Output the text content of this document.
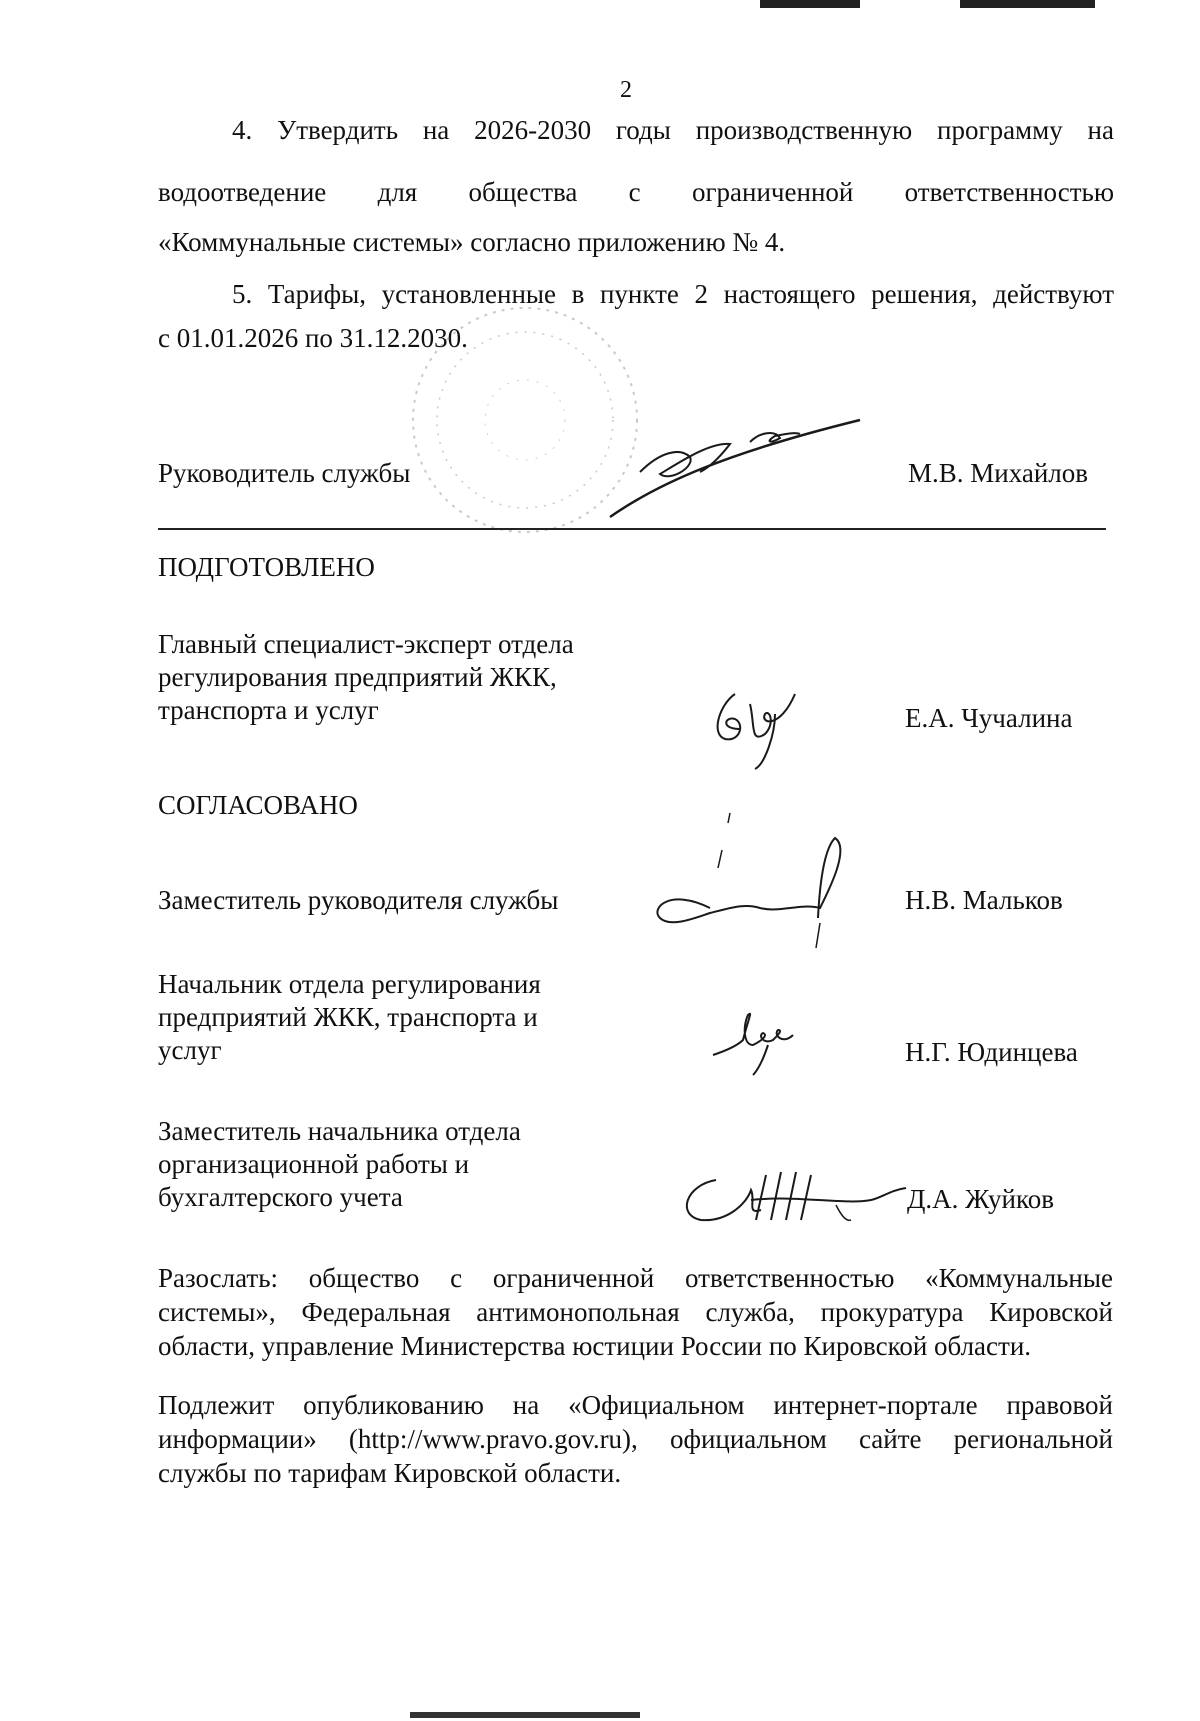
2
4. Утвердить на 2026-2030 годы производственную программу на
водоотведение для общества с ограниченной ответственностью
«Коммунальные системы» согласно приложению № 4.
5. Тарифы, установленные в пункте 2 настоящего решения, действуют
с 01.01.2026 по 31.12.2030.
Руководитель службы	М.В. Михайлов
ПОДГОТОВЛЕНО
Главный специалист-эксперт отдела
регулирования предприятий ЖКК,
транспорта и услуг	Е.А. Чучалина
СОГЛАСОВАНО
Заместитель руководителя службы	Н.В. Мальков
Начальник отдела регулирования
предприятий ЖКК, транспорта и
услуг	Н.Г. Юдинцева
Заместитель начальника отдела
организационной работы и
бухгалтерского учета	Д.А. Жуйков
Разослать: общество с ограниченной ответственностью «Коммунальные
системы», Федеральная антимонопольная служба, прокуратура Кировской
области, управление Министерства юстиции России по Кировской области.
Подлежит опубликованию на «Официальном интернет-портале правовой
информации» (http://www.pravo.gov.ru), официальном сайте региональной
службы по тарифам Кировской области.
